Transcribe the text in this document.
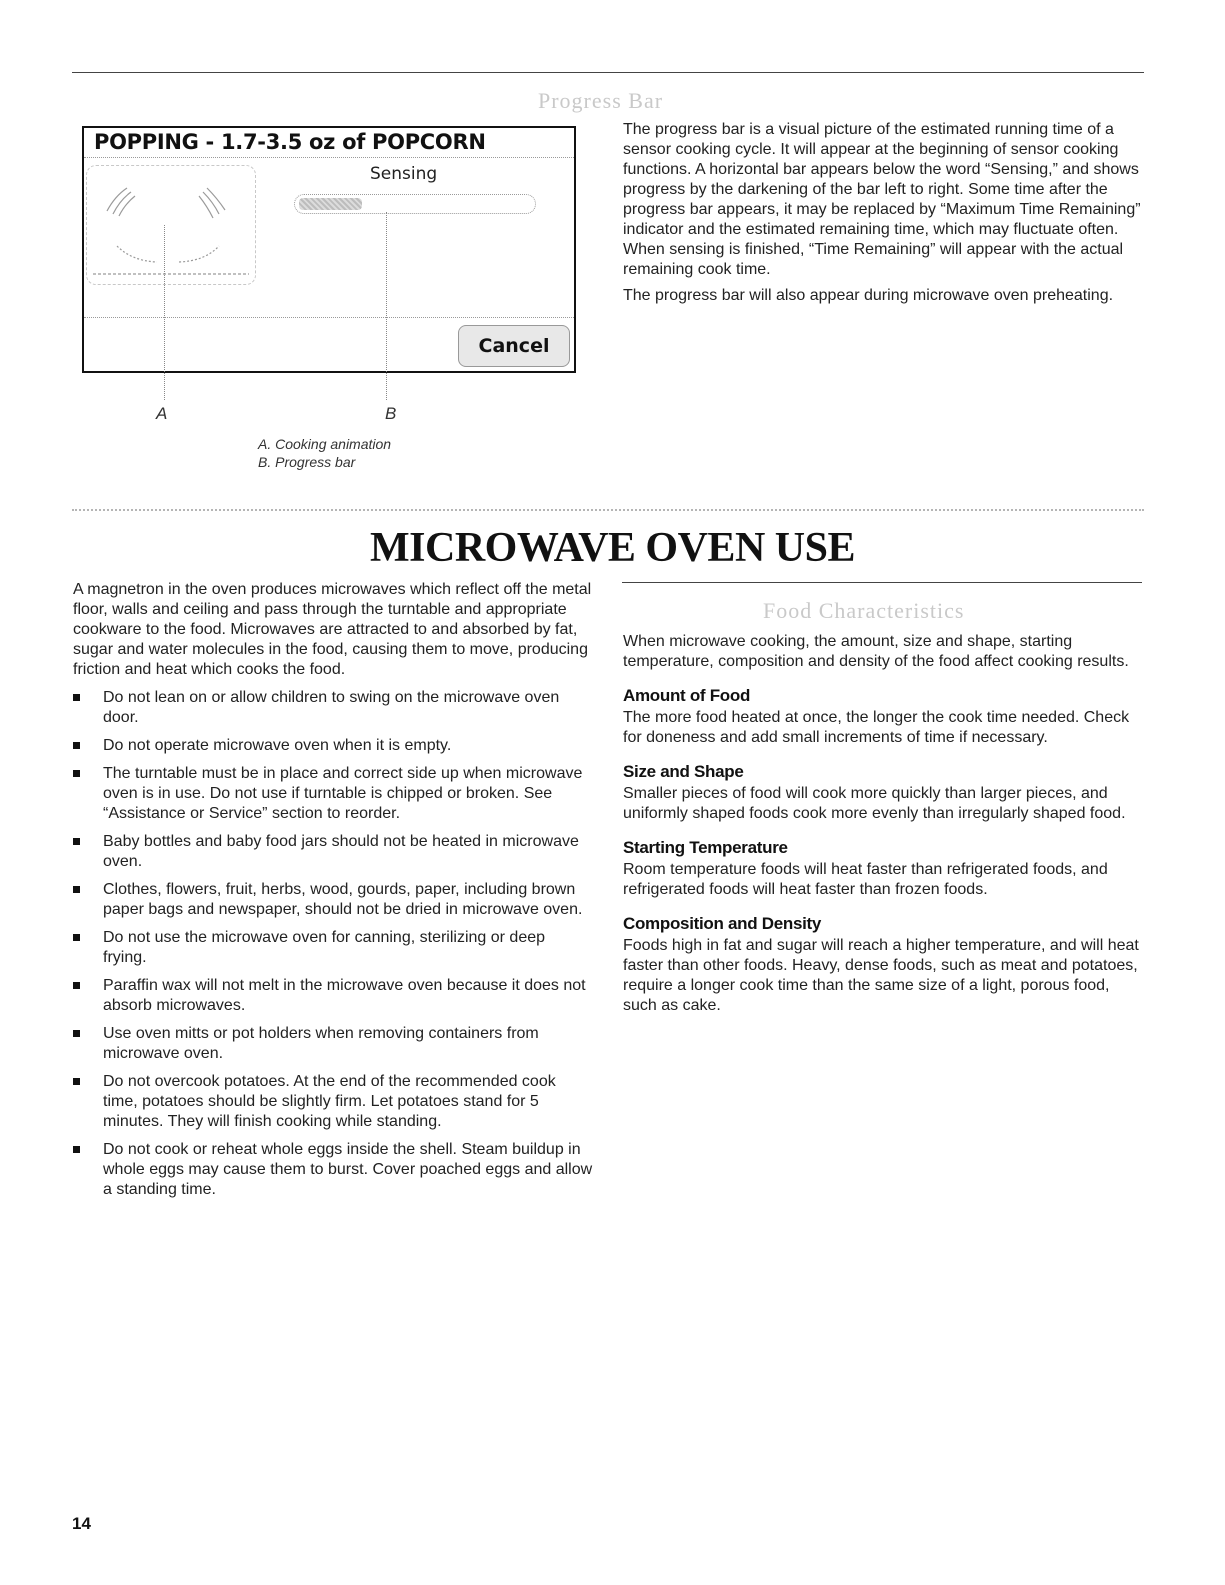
Progress Bar
POPPING - 1.7-3.5 oz of POPCORN
Sensing
Cancel
A	B
A. Cooking animation
B. Progress bar

The progress bar is a visual picture of the estimated running time of a sensor cooking cycle. It will appear at the beginning of sensor cooking functions. A horizontal bar appears below the word “Sensing,” and shows progress by the darkening of the bar left to right. Some time after the progress bar appears, it may be replaced by “Maximum Time Remaining” indicator and the estimated remaining time, which may fluctuate often. When sensing is finished, “Time Remaining” will appear with the actual remaining cook time.

The progress bar will also appear during microwave oven preheating.

MICROWAVE OVEN USE

A magnetron in the oven produces microwaves which reflect off the metal floor, walls and ceiling and pass through the turntable and appropriate cookware to the food. Microwaves are attracted to and absorbed by fat, sugar and water molecules in the food, causing them to move, producing friction and heat which cooks the food.

Do not lean on or allow children to swing on the microwave oven door.
Do not operate microwave oven when it is empty.
The turntable must be in place and correct side up when microwave oven is in use. Do not use if turntable is chipped or broken. See “Assistance or Service” section to reorder.
Baby bottles and baby food jars should not be heated in microwave oven.
Clothes, flowers, fruit, herbs, wood, gourds, paper, including brown paper bags and newspaper, should not be dried in microwave oven.
Do not use the microwave oven for canning, sterilizing or deep frying.
Paraffin wax will not melt in the microwave oven because it does not absorb microwaves.
Use oven mitts or pot holders when removing containers from microwave oven.
Do not overcook potatoes. At the end of the recommended cook time, potatoes should be slightly firm. Let potatoes stand for 5 minutes. They will finish cooking while standing.
Do not cook or reheat whole eggs inside the shell. Steam buildup in whole eggs may cause them to burst. Cover poached eggs and allow a standing time.
Food Characteristics

When microwave cooking, the amount, size and shape, starting temperature, composition and density of the food affect cooking results.

Amount of Food

The more food heated at once, the longer the cook time needed. Check for doneness and add small increments of time if necessary.

Size and Shape

Smaller pieces of food will cook more quickly than larger pieces, and uniformly shaped foods cook more evenly than irregularly shaped food.

Starting Temperature

Room temperature foods will heat faster than refrigerated foods, and refrigerated foods will heat faster than frozen foods.

Composition and Density

Foods high in fat and sugar will reach a higher temperature, and will heat faster than other foods. Heavy, dense foods, such as meat and potatoes, require a longer cook time than the same size of a light, porous food, such as cake.

14
